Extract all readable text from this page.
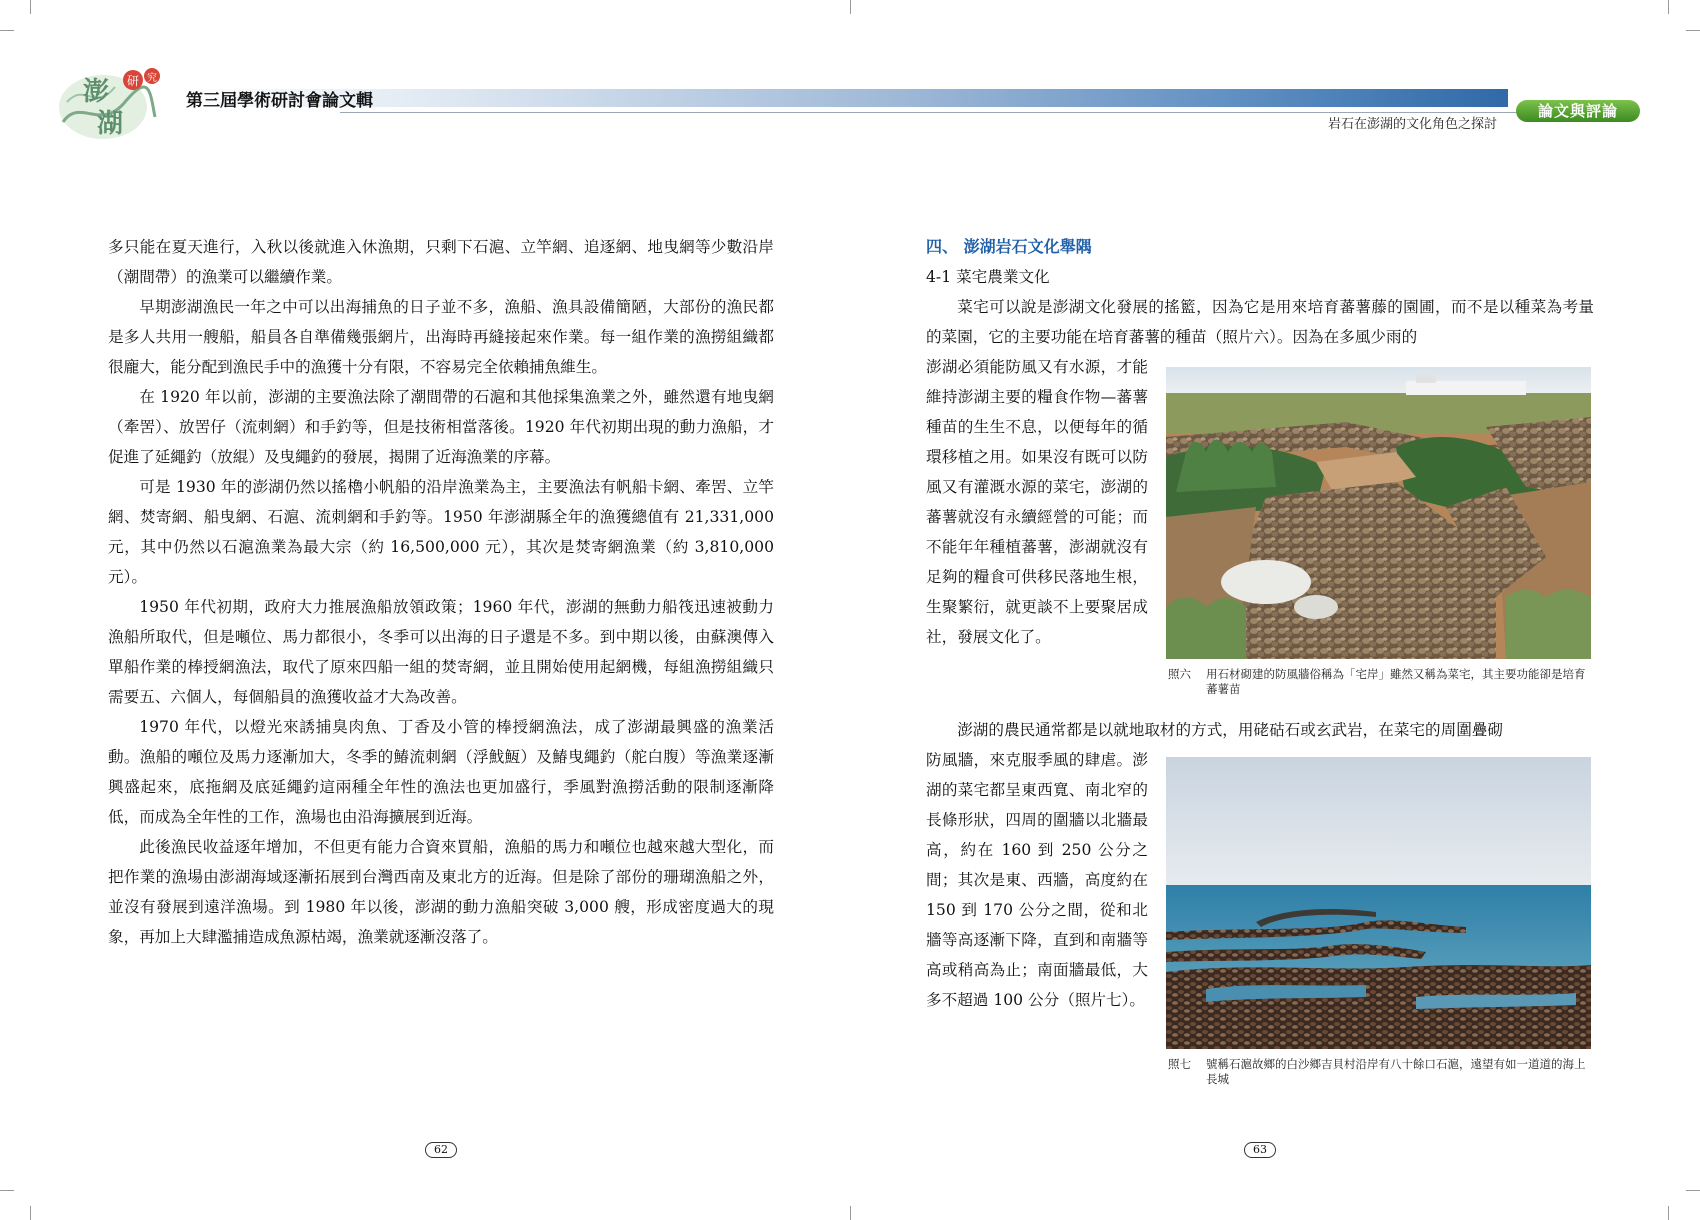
澎
湖
研 究
第三屆學術研討會論文輯
岩石在澎湖的文化角色之探討
論文與評論

多只能在夏天進行，入秋以後就進入休漁期，只剩下石滬、立竿網、追逐網、地曳網等少數沿岸（潮間帶）的漁業可以繼續作業。

早期澎湖漁民一年之中可以出海捕魚的日子並不多，漁船、漁具設備簡陋，大部份的漁民都是多人共用一艘船，船員各自準備幾張網片，出海時再縫接起來作業。每一組作業的漁撈組織都很龐大，能分配到漁民手中的漁獲十分有限，不容易完全依賴捕魚維生。

在 1920 年以前，澎湖的主要漁法除了潮間帶的石滬和其他採集漁業之外，雖然還有地曳網（牽罟）、放罟仔（流刺網）和手釣等，但是技術相當落後。1920 年代初期出現的動力漁船，才促進了延繩釣（放緄）及曳繩釣的發展，揭開了近海漁業的序幕。

可是 1930 年的澎湖仍然以搖櫓小帆船的沿岸漁業為主，主要漁法有帆船卡網、牽罟、立竿網、焚寄網、船曳網、石滬、流刺網和手釣等。1950 年澎湖縣全年的漁獲總值有 21,331,000 元，其中仍然以石滬漁業為最大宗（約 16,500,000 元），其次是焚寄網漁業（約 3,810,000 元）。

1950 年代初期，政府大力推展漁船放領政策；1960 年代，澎湖的無動力船筏迅速被動力漁船所取代，但是噸位、馬力都很小，冬季可以出海的日子還是不多。到中期以後，由蘇澳傳入單船作業的棒授網漁法，取代了原來四船一組的焚寄網，並且開始使用起網機，每組漁撈組織只需要五、六個人，每個船員的漁獲收益才大為改善。

1970 年代，以燈光來誘捕臭肉魚、丁香及小管的棒授網漁法，成了澎湖最興盛的漁業活動。漁船的噸位及馬力逐漸加大，冬季的鰆流刺網（浮䰹䱍）及鰆曳繩釣（舵白腹）等漁業逐漸興盛起來，底拖網及底延繩釣這兩種全年性的漁法也更加盛行，季風對漁撈活動的限制逐漸降低，而成為全年性的工作，漁場也由沿海擴展到近海。

此後漁民收益逐年增加，不但更有能力合資來買船，漁船的馬力和噸位也越來越大型化，而把作業的漁場由澎湖海域逐漸拓展到台灣西南及東北方的近海。但是除了部份的珊瑚漁船之外，並沒有發展到遠洋漁場。到 1980 年以後，澎湖的動力漁船突破 3,000 艘，形成密度過大的現象，再加上大肆濫捕造成魚源枯竭，漁業就逐漸沒落了。

62

四、 澎湖岩石文化舉隅

4-1 菜宅農業文化

菜宅可以說是澎湖文化發展的搖籃，因為它是用來培育蕃薯藤的園圃，而不是以種菜為考量的菜園，它的主要功能在培育蕃薯的種苗（照片六）。因為在多風少雨的

澎湖必須能防風又有水源，才能維持澎湖主要的糧食作物—蕃薯種苗的生生不息，以便每年的循環移植之用。如果沒有既可以防風又有灌溉水源的菜宅，澎湖的蕃薯就沒有永續經營的可能；而不能年年種植蕃薯，澎湖就沒有足夠的糧食可供移民落地生根，生聚繁衍，就更談不上要聚居成社，發展文化了。

照六 用石材砌建的防風牆俗稱為「宅岸」雖然又稱為菜宅，其主要功能卻是培育蕃薯苗

澎湖的農民通常都是以就地取材的方式，用硓𥑮石或玄武岩，在菜宅的周圍疊砌

防風牆，來克服季風的肆虐。澎湖的菜宅都呈東西寬、南北窄的長條形狀，四周的圍牆以北牆最高，約在 160 到 250 公分之間；其次是東、西牆，高度約在 150 到 170 公分之間，從和北牆等高逐漸下降，直到和南牆等高或稍高為止；南面牆最低，大多不超過 100 公分（照片七）。

照七 號稱石滬故鄉的白沙鄉吉貝村沿岸有八十餘口石滬，遠望有如一道道的海上長城
63
